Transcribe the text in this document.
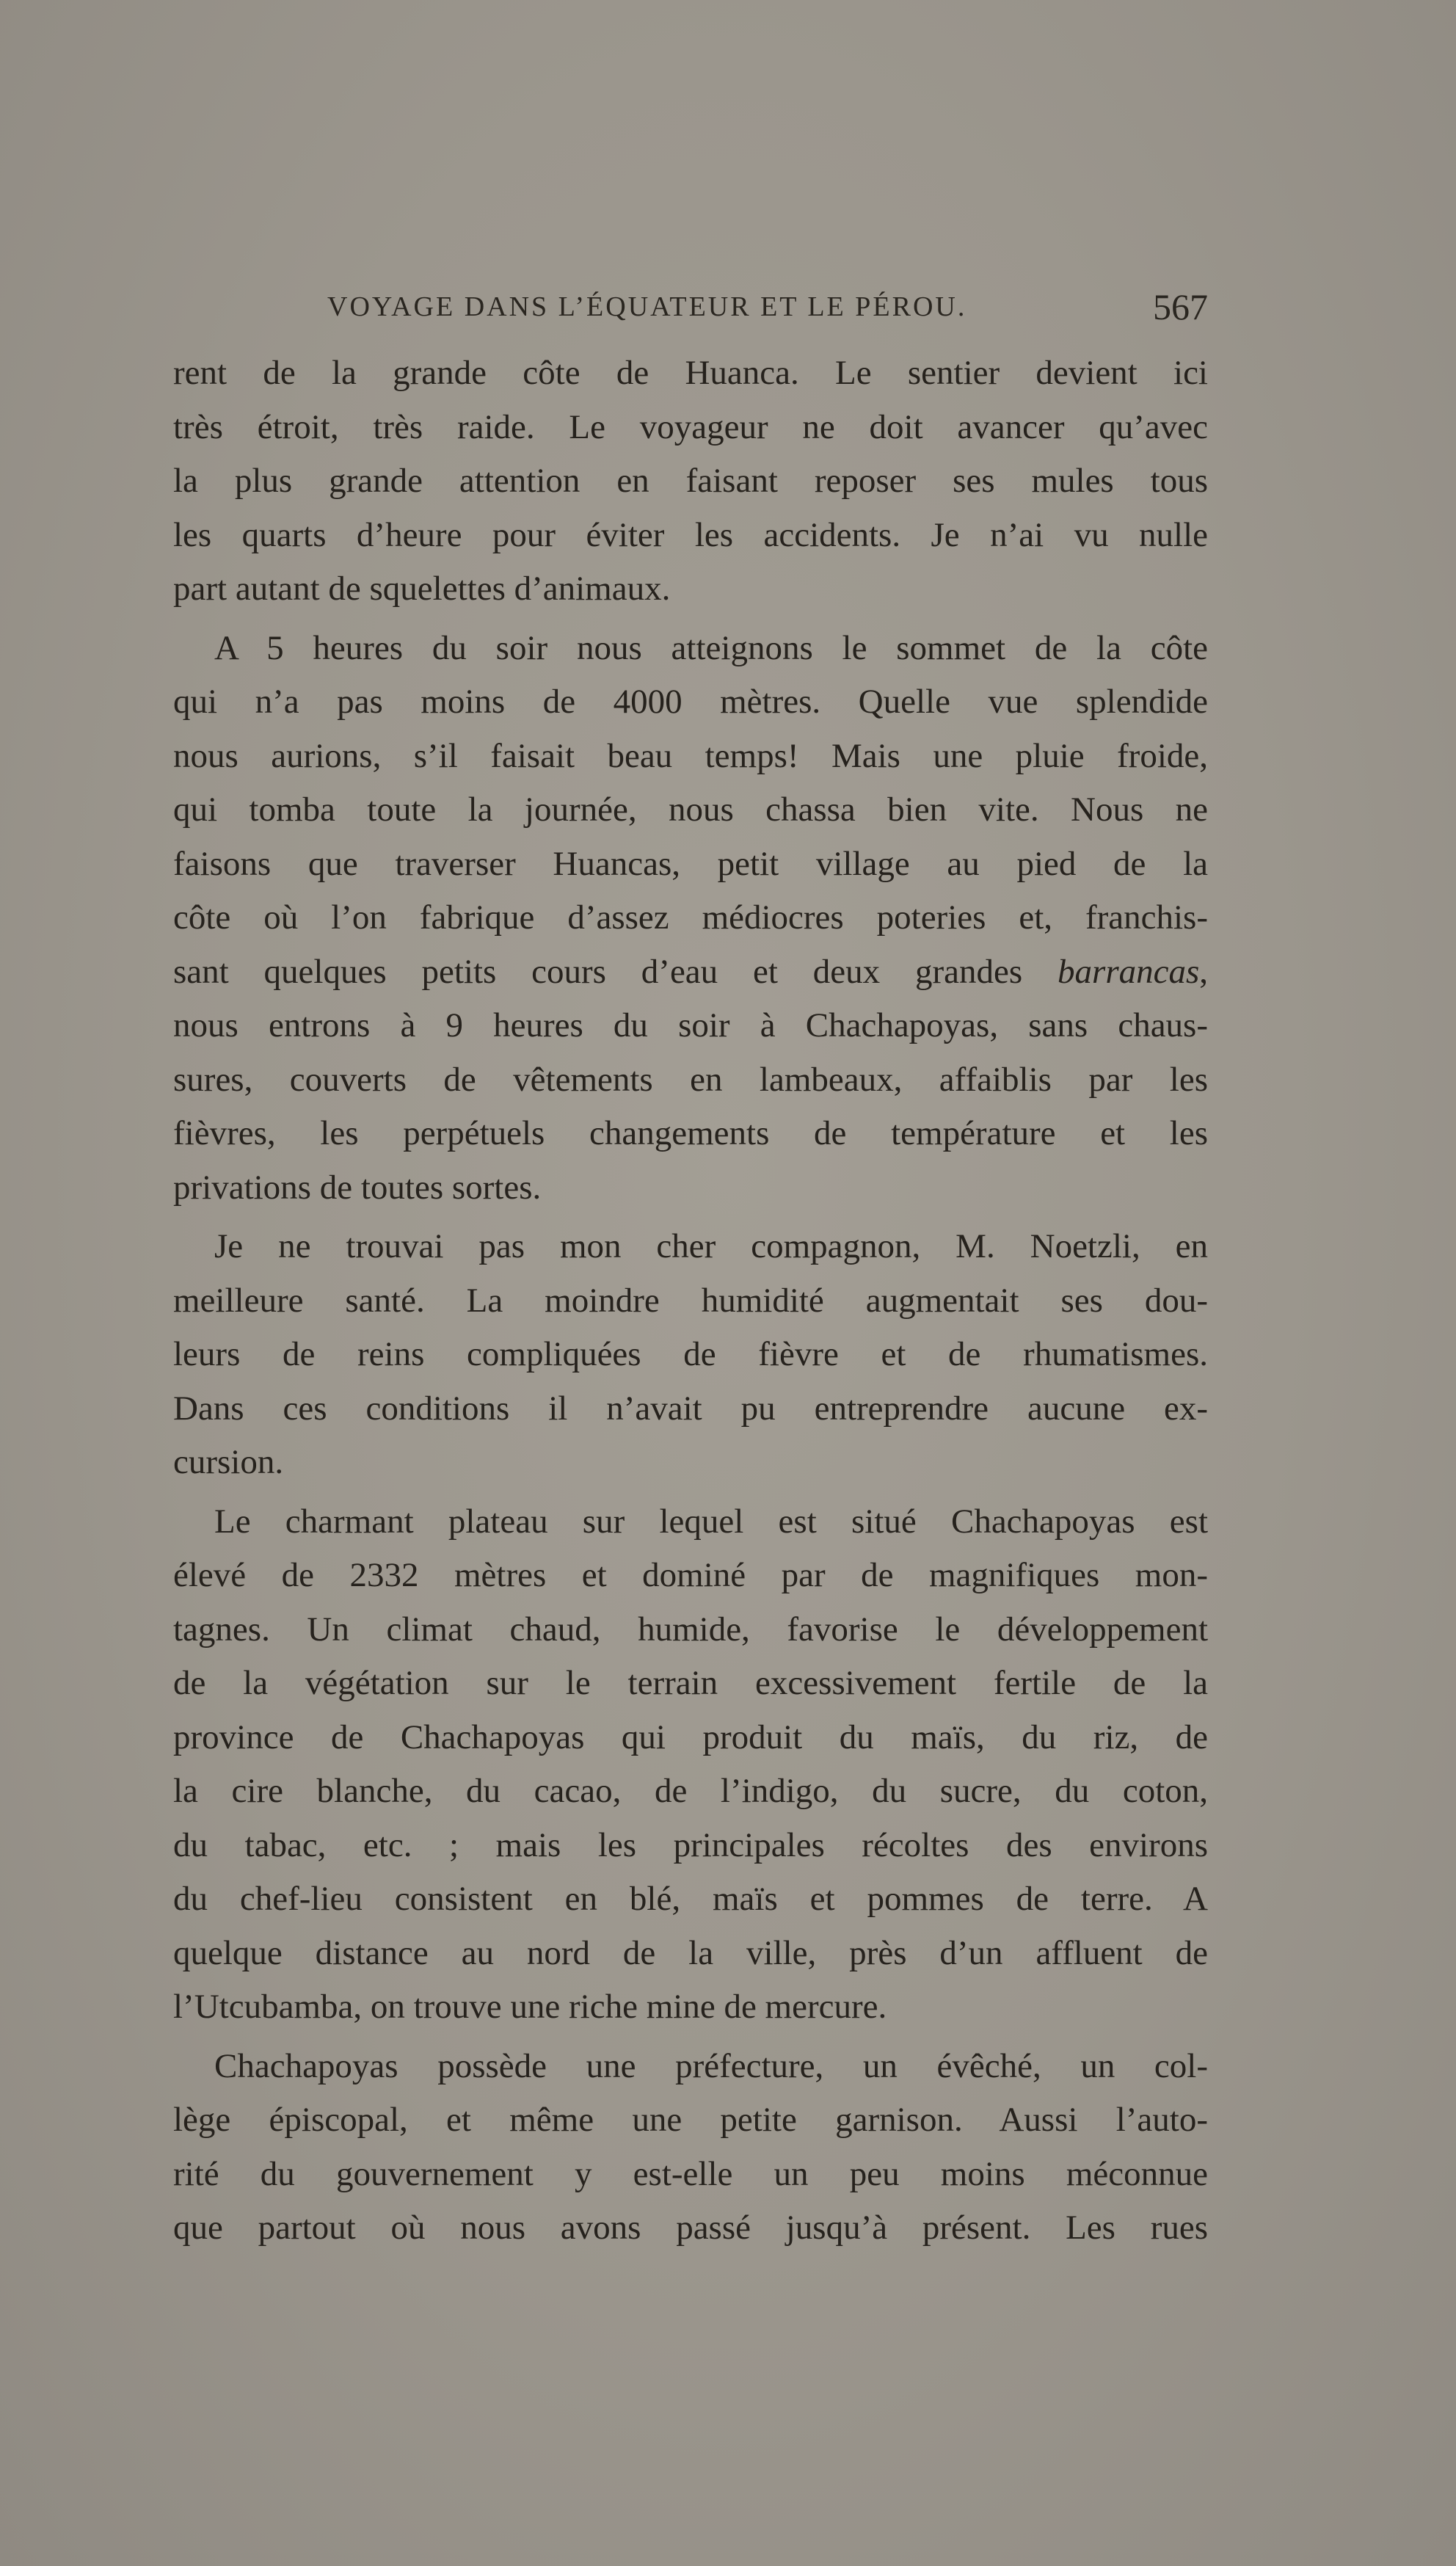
VOYAGE DANS L’ÉQUATEUR ET LE PÉROU.	567

rent de la grande côte de Huanca. Le sentier devient ici
très étroit, très raide. Le voyageur ne doit avancer qu’avec
la plus grande attention en faisant reposer ses mules tous
les quarts d’heure pour éviter les accidents. Je n’ai vu nulle
part autant de squelettes d’animaux.

A 5 heures du soir nous atteignons le sommet de la côte
qui n’a pas moins de 4000 mètres. Quelle vue splendide
nous aurions, s’il faisait beau temps! Mais une pluie froide,
qui tomba toute la journée, nous chassa bien vite. Nous ne
faisons que traverser Huancas, petit village au pied de la
côte où l’on fabrique d’assez médiocres poteries et, franchis-
sant quelques petits cours d’eau et deux grandes barrancas,
nous entrons à 9 heures du soir à Chachapoyas, sans chaus-
sures, couverts de vêtements en lambeaux, affaiblis par les
fièvres, les perpétuels changements de température et les
privations de toutes sortes.

Je ne trouvai pas mon cher compagnon, M. Noetzli, en
meilleure santé. La moindre humidité augmentait ses dou-
leurs de reins compliquées de fièvre et de rhumatismes.
Dans ces conditions il n’avait pu entreprendre aucune ex-
cursion.

Le charmant plateau sur lequel est situé Chachapoyas est
élevé de 2332 mètres et dominé par de magnifiques mon-
tagnes. Un climat chaud, humide, favorise le développement
de la végétation sur le terrain excessivement fertile de la
province de Chachapoyas qui produit du maïs, du riz, de
la cire blanche, du cacao, de l’indigo, du sucre, du coton,
du tabac, etc. ; mais les principales récoltes des environs
du chef-lieu consistent en blé, maïs et pommes de terre. A
quelque distance au nord de la ville, près d’un affluent de
l’Utcubamba, on trouve une riche mine de mercure.

Chachapoyas possède une préfecture, un évêché, un col-
lège épiscopal, et même une petite garnison. Aussi l’auto-
rité du gouvernement y est-elle un peu moins méconnue
que partout où nous avons passé jusqu’à présent. Les rues
